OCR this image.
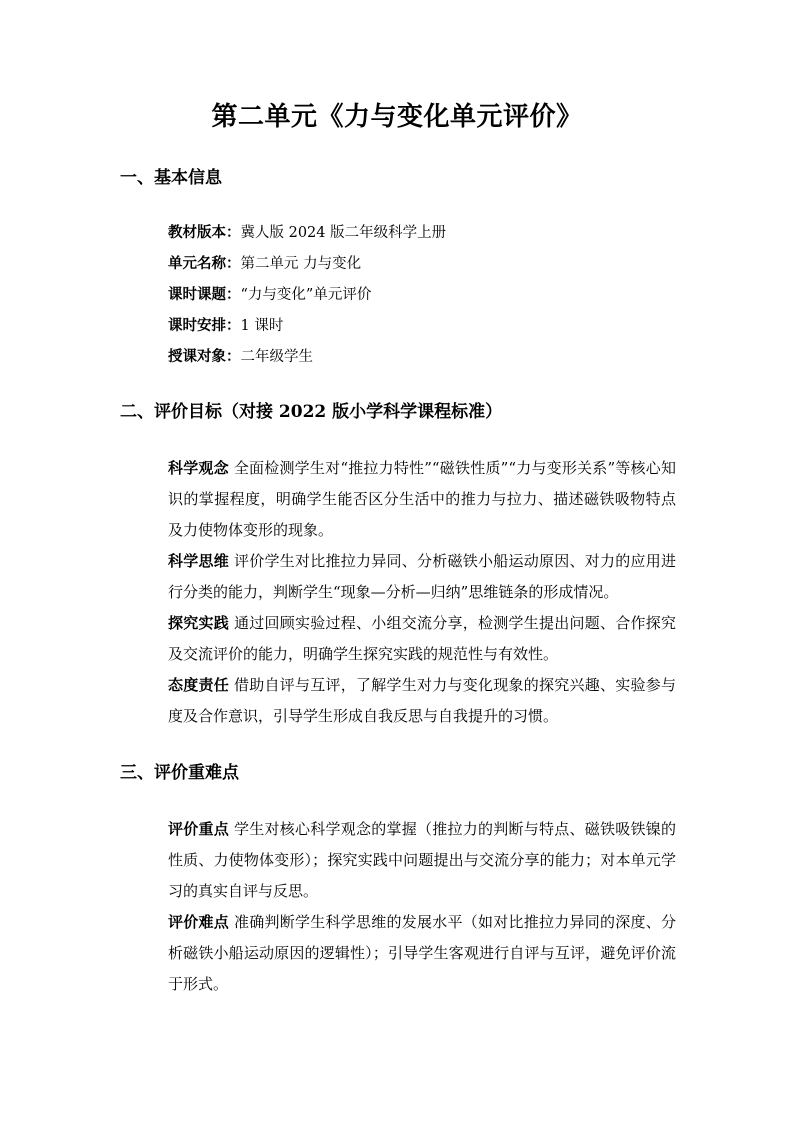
第二单元《力与变化单元评价》
一、基本信息
教材版本：冀人版 2024 版二年级科学上册
单元名称：第二单元 力与变化
课时课题：“力与变化”单元评价
课时安排：1 课时
授课对象：二年级学生
二、评价目标（对接 2022 版小学科学课程标准）
科学观念 全面检测学生对“推拉力特性”“磁铁性质”“力与变形关系”等核心知识的掌握程度，明确学生能否区分生活中的推力与拉力、描述磁铁吸物特点及力使物体变形的现象。
科学思维 评价学生对比推拉力异同、分析磁铁小船运动原因、对力的应用进行分类的能力，判断学生“现象—分析—归纳”思维链条的形成情况。
探究实践 通过回顾实验过程、小组交流分享，检测学生提出问题、合作探究及交流评价的能力，明确学生探究实践的规范性与有效性。
态度责任 借助自评与互评，了解学生对力与变化现象的探究兴趣、实验参与度及合作意识，引导学生形成自我反思与自我提升的习惯。
三、评价重难点
评价重点 学生对核心科学观念的掌握（推拉力的判断与特点、磁铁吸铁镍的性质、力使物体变形）；探究实践中问题提出与交流分享的能力；对本单元学习的真实自评与反思。
评价难点 准确判断学生科学思维的发展水平（如对比推拉力异同的深度、分析磁铁小船运动原因的逻辑性）；引导学生客观进行自评与互评，避免评价流于形式。
